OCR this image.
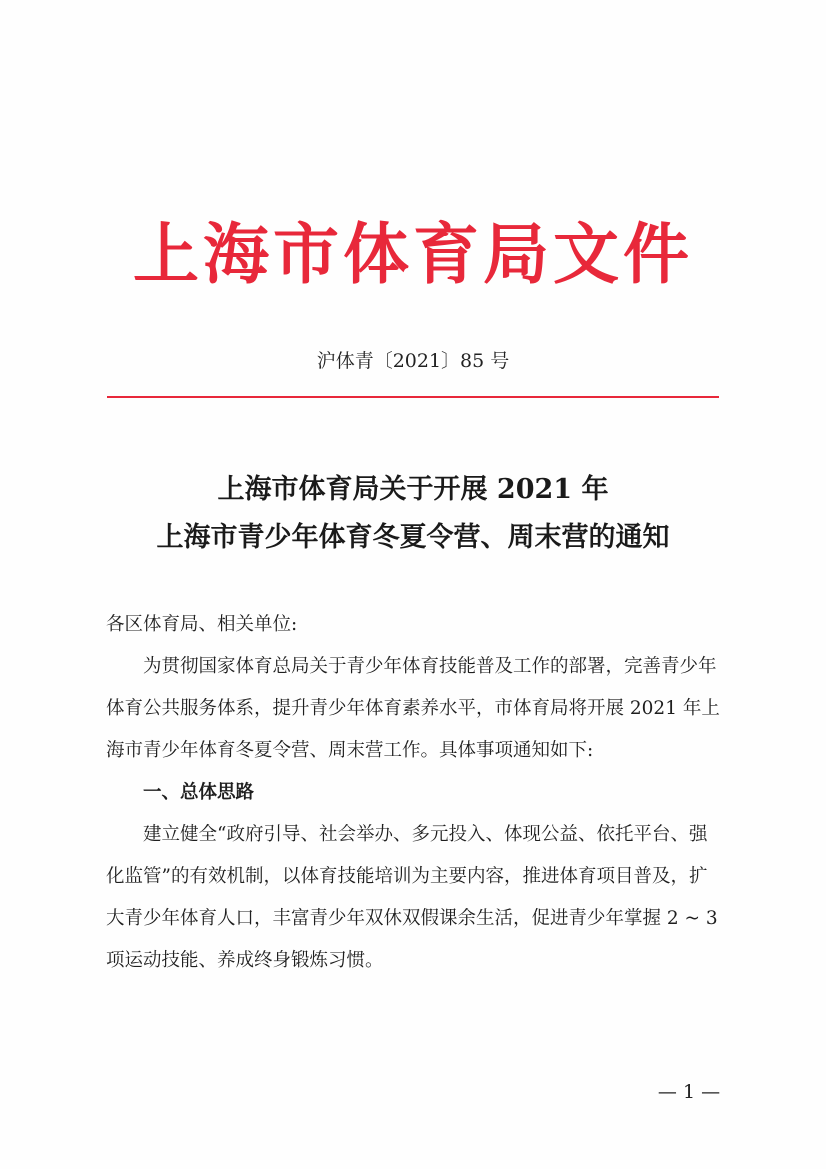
上海市体育局文件
沪体青〔2021〕85 号
上海市体育局关于开展 2021 年
上海市青少年体育冬夏令营、周末营的通知

各区体育局、相关单位:

为贯彻国家体育总局关于青少年体育技能普及工作的部署，完善青少年体育公共服务体系，提升青少年体育素养水平，市体育局将开展 2021 年上海市青少年体育冬夏令营、周末营工作。具体事项通知如下:

一、总体思路

建立健全“政府引导、社会举办、多元投入、体现公益、依托平台、强化监管”的有效机制，以体育技能培训为主要内容，推进体育项目普及，扩大青少年体育人口，丰富青少年双休双假课余生活，促进青少年掌握 2 ~ 3 项运动技能、养成终身锻炼习惯。

— 1 —
